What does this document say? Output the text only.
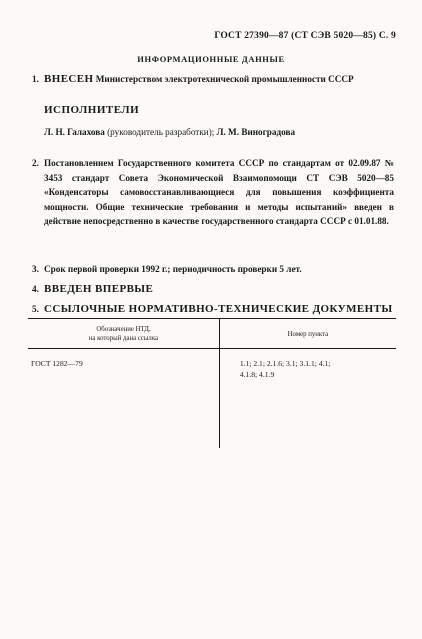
ГОСТ 27390—87 (СТ СЭВ 5020—85) С. 9
ИНФОРМАЦИОННЫЕ ДАННЫЕ
1. ВНЕСЕН Министерством электротехнической промышленности СССР
ИСПОЛНИТЕЛИ
Л. Н. Галахова (руководитель разработки); Л. М. Виноградова
2. Постановлением Государственного комитета СССР по стандартам от 02.09.87 № 3453 стандарт Совета Экономической Взаимопомощи СТ СЭВ 5020—85 «Конденсаторы самовосстанавливающиеся для повышения коэффициента мощности. Общие технические требования и методы испытаний» введен в действие непосредственно в качестве государственного стандарта СССР с 01.01.88.
3. Срок первой проверки 1992 г.; периодичность проверки 5 лет.
4. ВВЕДЕН ВПЕРВЫЕ
5. ССЫЛОЧНЫЕ НОРМАТИВНО-ТЕХНИЧЕСКИЕ ДОКУМЕНТЫ
Обозначение НТД,
на который дана ссылка	Номер пункта
ГОСТ 1282—79	1.1; 2.1; 2.1.6; 3.1; 3.1.1; 4.1;
4.1.8; 4.1.9
